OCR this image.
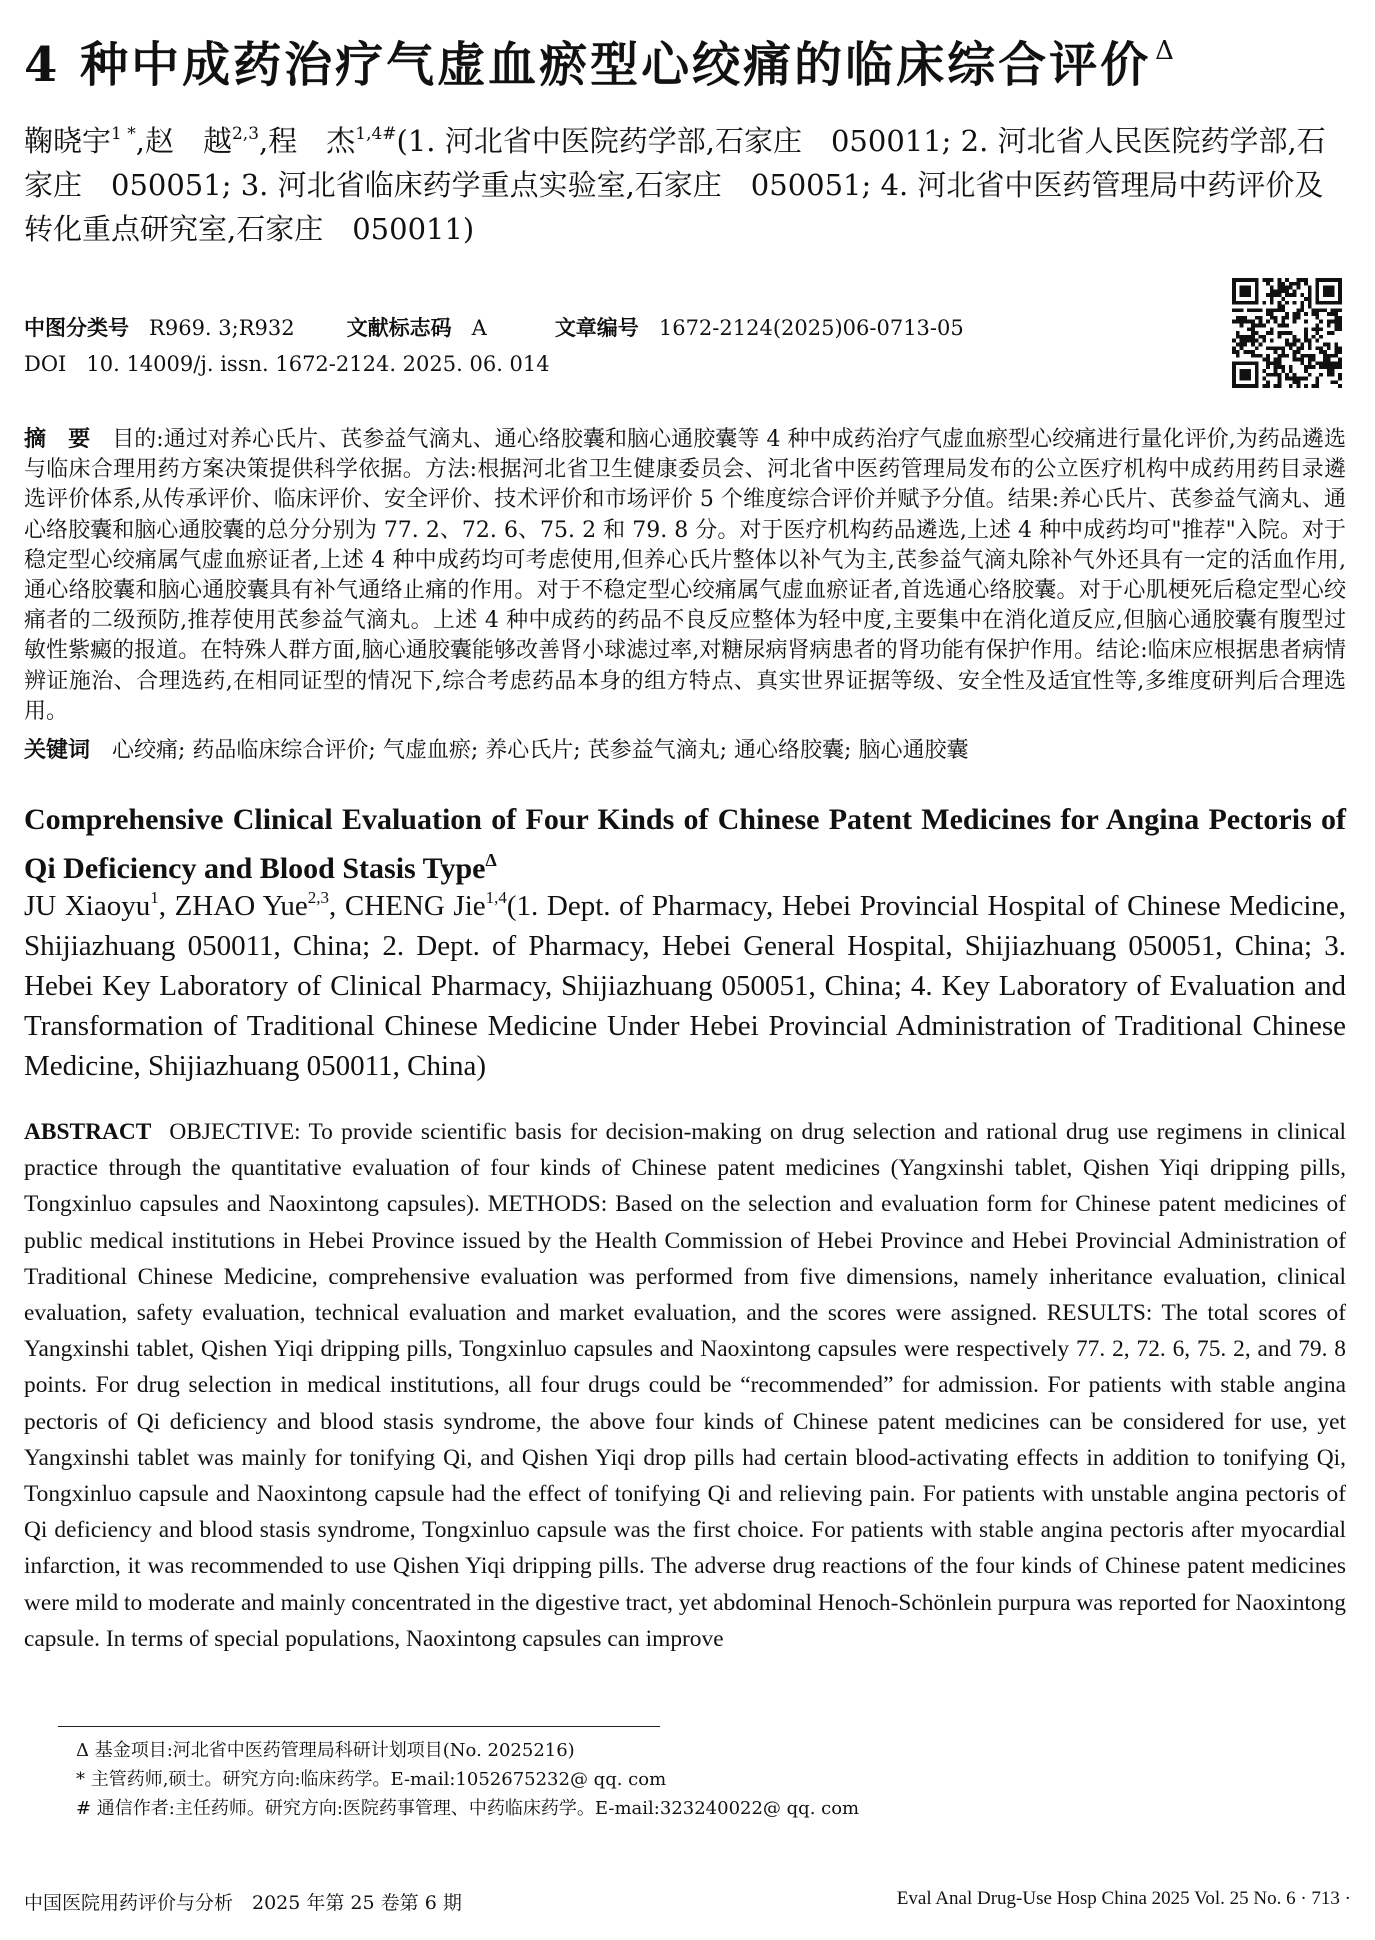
4 种中成药治疗气虚血瘀型心绞痛的临床综合评价 $^\Delta$
鞠晓宇$^{1 *}$,赵　越$^{2,3}$,程　杰$^{1,4\#}$(1. 河北省中医院药学部,石家庄　050011; 2. 河北省人民医院药学部,石家庄　050051; 3. 河北省临床药学重点实验室,石家庄　050051; 4. 河北省中医药管理局中药评价及转化重点研究室,石家庄　050011)
中图分类号 R969. 3;R932 文献标志码 A	文章编号 1672-2124(2025)06-0713-05
DOI 10. 14009/j. issn. 1672-2124. 2025. 06. 014
摘　要 目的:通过对养心氏片、芪参益气滴丸、通心络胶囊和脑心通胶囊等 4 种中成药治疗气虚血瘀型心绞痛进行量化评价,为药品遴选与临床合理用药方案决策提供科学依据。方法:根据河北省卫生健康委员会、河北省中医药管理局发布的公立医疗机构中成药用药目录遴选评价体系,从传承评价、临床评价、安全评价、技术评价和市场评价 5 个维度综合评价并赋予分值。结果:养心氏片、芪参益气滴丸、通心络胶囊和脑心通胶囊的总分分别为 77. 2、72. 6、75. 2 和 79. 8 分。对于医疗机构药品遴选,上述 4 种中成药均可"推荐"入院。对于稳定型心绞痛属气虚血瘀证者,上述 4 种中成药均可考虑使用,但养心氏片整体以补气为主,芪参益气滴丸除补气外还具有一定的活血作用,通心络胶囊和脑心通胶囊具有补气通络止痛的作用。对于不稳定型心绞痛属气虚血瘀证者,首选通心络胶囊。对于心肌梗死后稳定型心绞痛者的二级预防,推荐使用芪参益气滴丸。上述 4 种中成药的药品不良反应整体为轻中度,主要集中在消化道反应,但脑心通胶囊有腹型过敏性紫癜的报道。在特殊人群方面,脑心通胶囊能够改善肾小球滤过率,对糖尿病肾病患者的肾功能有保护作用。结论:临床应根据患者病情辨证施治、合理选药,在相同证型的情况下,综合考虑药品本身的组方特点、真实世界证据等级、安全性及适宜性等,多维度研判后合理选用。
关键词 心绞痛; 药品临床综合评价; 气虚血瘀; 养心氏片; 芪参益气滴丸; 通心络胶囊; 脑心通胶囊
Comprehensive Clinical Evaluation of Four Kinds of Chinese Patent Medicines for Angina Pectoris of Qi Deficiency and Blood Stasis Type$^\Delta$
JU Xiaoyu$^1$, ZHAO Yue$^{2,3}$, CHENG Jie$^{1,4}$(1. Dept. of Pharmacy, Hebei Provincial Hospital of Chinese Medicine, Shijiazhuang 050011, China; 2. Dept. of Pharmacy, Hebei General Hospital, Shijiazhuang 050051, China; 3. Hebei Key Laboratory of Clinical Pharmacy, Shijiazhuang 050051, China; 4. Key Laboratory of Evaluation and Transformation of Traditional Chinese Medicine Under Hebei Provincial Administration of Traditional Chinese Medicine, Shijiazhuang 050011, China)
ABSTRACT OBJECTIVE: To provide scientific basis for decision-making on drug selection and rational drug use regimens in clinical practice through the quantitative evaluation of four kinds of Chinese patent medicines (Yangxinshi tablet, Qishen Yiqi dripping pills, Tongxinluo capsules and Naoxintong capsules). METHODS: Based on the selection and evaluation form for Chinese patent medicines of public medical institutions in Hebei Province issued by the Health Commission of Hebei Province and Hebei Provincial Administration of Traditional Chinese Medicine, comprehensive evaluation was performed from five dimensions, namely inheritance evaluation, clinical evaluation, safety evaluation, technical evaluation and market evaluation, and the scores were assigned. RESULTS: The total scores of Yangxinshi tablet, Qishen Yiqi dripping pills, Tongxinluo capsules and Naoxintong capsules were respectively 77. 2, 72. 6, 75. 2, and 79. 8 points. For drug selection in medical institutions, all four drugs could be “recommended” for admission. For patients with stable angina pectoris of Qi deficiency and blood stasis syndrome, the above four kinds of Chinese patent medicines can be considered for use, yet Yangxinshi tablet was mainly for tonifying Qi, and Qishen Yiqi drop pills had certain blood-activating effects in addition to tonifying Qi, Tongxinluo capsule and Naoxintong capsule had the effect of tonifying Qi and relieving pain. For patients with unstable angina pectoris of Qi deficiency and blood stasis syndrome, Tongxinluo capsule was the first choice. For patients with stable angina pectoris after myocardial infarction, it was recommended to use Qishen Yiqi dripping pills. The adverse drug reactions of the four kinds of Chinese patent medicines were mild to moderate and mainly concentrated in the digestive tract, yet abdominal Henoch-Schönlein purpura was reported for Naoxintong capsule. In terms of special populations, Naoxintong capsules can improve
Δ 基金项目:河北省中医药管理局科研计划项目(No. 2025216)
* 主管药师,硕士。研究方向:临床药学。E-mail:1052675232@ qq. com
# 通信作者:主任药师。研究方向:医院药事管理、中药临床药学。E-mail:323240022@ qq. com
中国医院用药评价与分析　2025 年第 25 卷第 6 期	Eval Anal Drug-Use Hosp China 2025 Vol. 25 No. 6 · 713 ·
